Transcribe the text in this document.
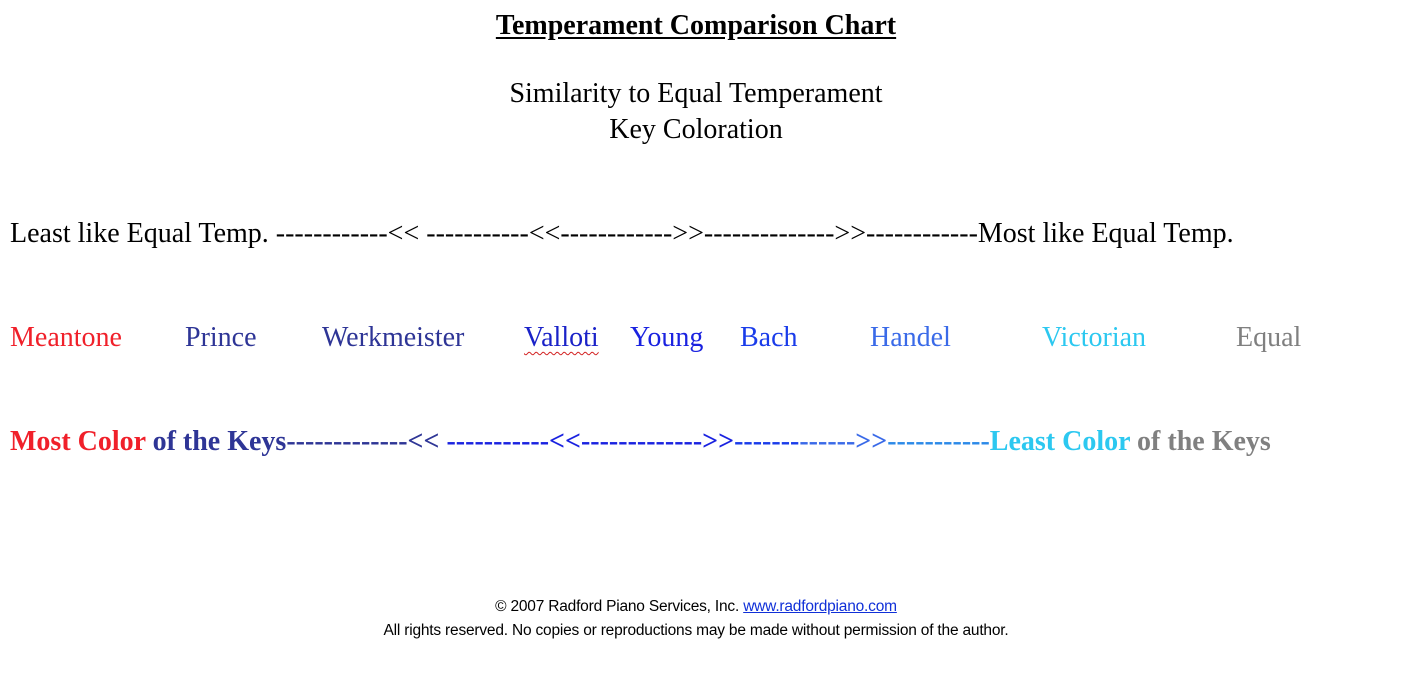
Temperament Comparison Chart
Similarity to Equal Temperament
Key Coloration
Least like Equal Temp. ------------<< -----------<<------------>>-------------->>------------Most like Equal Temp.
Meantone Prince Werkmeister Valloti Young Bach	Handel	Victorian	Equal
Most Color of the Keys-------------<< -----------<<------------->>------------->>-----------Least Color of the Keys
© 2007 Radford Piano Services, Inc. www.radfordpiano.com
All rights reserved. No copies or reproductions may be made without permission of the author.
